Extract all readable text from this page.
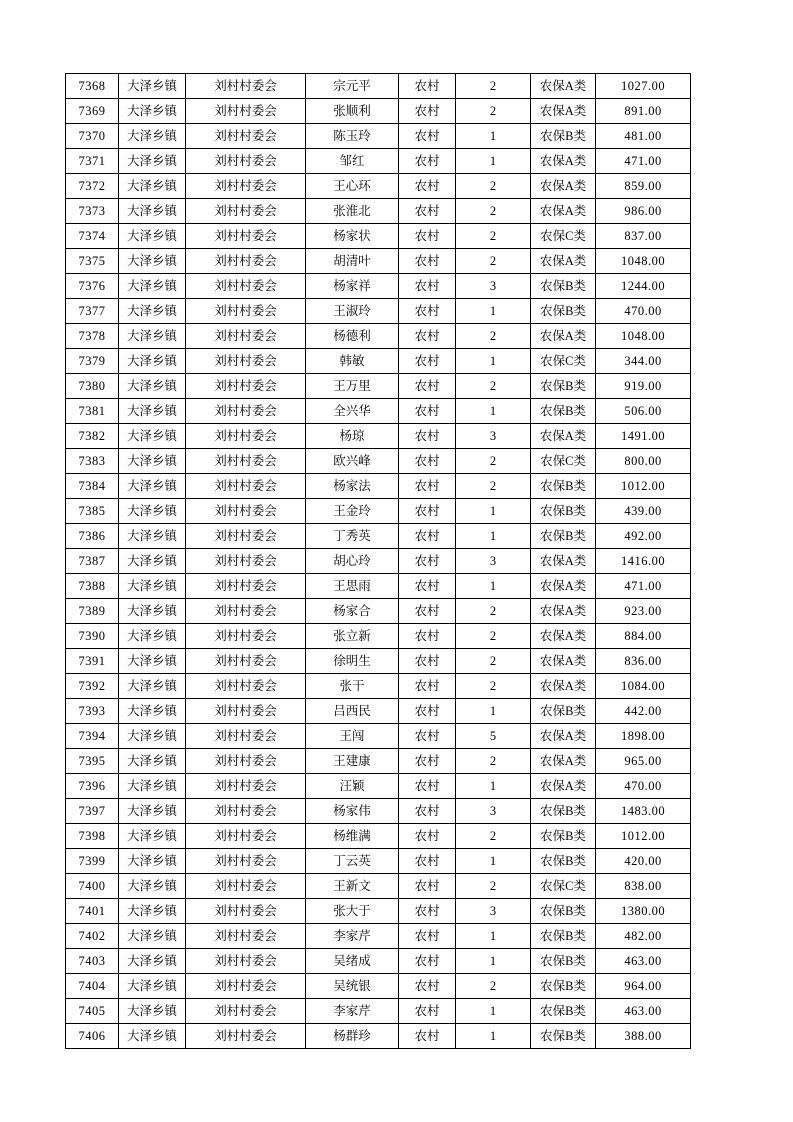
7368	大泽乡镇	刘村村委会	宗元平	农村	2	农保A类	1027.00
7369	大泽乡镇	刘村村委会	张顺利	农村	2	农保A类	891.00
7370	大泽乡镇	刘村村委会	陈玉玲	农村	1	农保B类	481.00
7371	大泽乡镇	刘村村委会	邹红	农村	1	农保A类	471.00
7372	大泽乡镇	刘村村委会	王心环	农村	2	农保A类	859.00
7373	大泽乡镇	刘村村委会	张淮北	农村	2	农保A类	986.00
7374	大泽乡镇	刘村村委会	杨家状	农村	2	农保C类	837.00
7375	大泽乡镇	刘村村委会	胡清叶	农村	2	农保A类	1048.00
7376	大泽乡镇	刘村村委会	杨家祥	农村	3	农保B类	1244.00
7377	大泽乡镇	刘村村委会	王淑玲	农村	1	农保B类	470.00
7378	大泽乡镇	刘村村委会	杨德利	农村	2	农保A类	1048.00
7379	大泽乡镇	刘村村委会	韩敏	农村	1	农保C类	344.00
7380	大泽乡镇	刘村村委会	王万里	农村	2	农保B类	919.00
7381	大泽乡镇	刘村村委会	全兴华	农村	1	农保B类	506.00
7382	大泽乡镇	刘村村委会	杨琼	农村	3	农保A类	1491.00
7383	大泽乡镇	刘村村委会	欧兴峰	农村	2	农保C类	800.00
7384	大泽乡镇	刘村村委会	杨家法	农村	2	农保B类	1012.00
7385	大泽乡镇	刘村村委会	王金玲	农村	1	农保B类	439.00
7386	大泽乡镇	刘村村委会	丁秀英	农村	1	农保B类	492.00
7387	大泽乡镇	刘村村委会	胡心玲	农村	3	农保A类	1416.00
7388	大泽乡镇	刘村村委会	王思雨	农村	1	农保A类	471.00
7389	大泽乡镇	刘村村委会	杨家合	农村	2	农保A类	923.00
7390	大泽乡镇	刘村村委会	张立新	农村	2	农保A类	884.00
7391	大泽乡镇	刘村村委会	徐明生	农村	2	农保A类	836.00
7392	大泽乡镇	刘村村委会	张干	农村	2	农保A类	1084.00
7393	大泽乡镇	刘村村委会	吕西民	农村	1	农保B类	442.00
7394	大泽乡镇	刘村村委会	王闯	农村	5	农保A类	1898.00
7395	大泽乡镇	刘村村委会	王建康	农村	2	农保A类	965.00
7396	大泽乡镇	刘村村委会	汪颖	农村	1	农保A类	470.00
7397	大泽乡镇	刘村村委会	杨家伟	农村	3	农保B类	1483.00
7398	大泽乡镇	刘村村委会	杨维满	农村	2	农保B类	1012.00
7399	大泽乡镇	刘村村委会	丁云英	农村	1	农保B类	420.00
7400	大泽乡镇	刘村村委会	王新文	农村	2	农保C类	838.00
7401	大泽乡镇	刘村村委会	张大于	农村	3	农保B类	1380.00
7402	大泽乡镇	刘村村委会	李家芹	农村	1	农保B类	482.00
7403	大泽乡镇	刘村村委会	吴绪成	农村	1	农保B类	463.00
7404	大泽乡镇	刘村村委会	吴统银	农村	2	农保B类	964.00
7405	大泽乡镇	刘村村委会	李家芹	农村	1	农保B类	463.00
7406	大泽乡镇	刘村村委会	杨群珍	农村	1	农保B类	388.00
